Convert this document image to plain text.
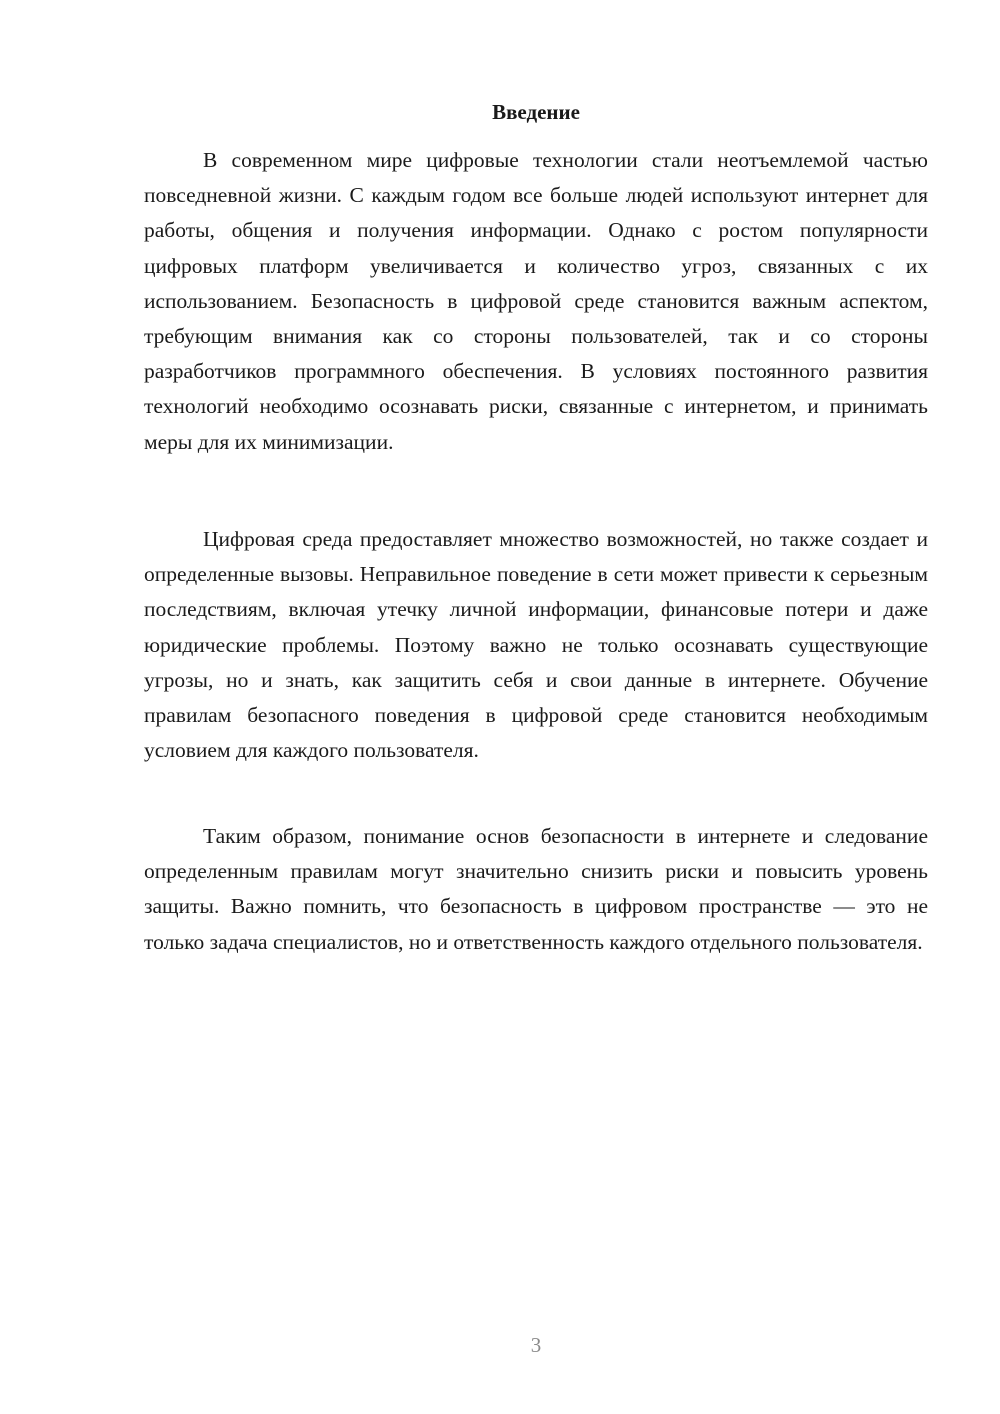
Введение

В современном мире цифровые технологии стали неотъемлемой частью повседневной жизни. С каждым годом все больше людей используют интернет для работы, общения и получения информации. Однако с ростом популярности цифровых платформ увеличивается и количество угроз, связанных с их использованием. Безопасность в цифровой среде становится важным аспектом, требующим внимания как со стороны пользователей, так и со стороны разработчиков программного обеспечения. В условиях постоянного развития технологий необходимо осознавать риски, связанные с интернетом, и принимать меры для их минимизации.

Цифровая среда предоставляет множество возможностей, но также создает и определенные вызовы. Неправильное поведение в сети может привести к серьезным последствиям, включая утечку личной информации, финансовые потери и даже юридические проблемы. Поэтому важно не только осознавать существующие угрозы, но и знать, как защитить себя и свои данные в интернете. Обучение правилам безопасного поведения в цифровой среде становится необходимым условием для каждого пользователя.

Таким образом, понимание основ безопасности в интернете и следование определенным правилам могут значительно снизить риски и повысить уровень защиты. Важно помнить, что безопасность в цифровом пространстве — это не только задача специалистов, но и ответственность каждого отдельного пользователя.

3
